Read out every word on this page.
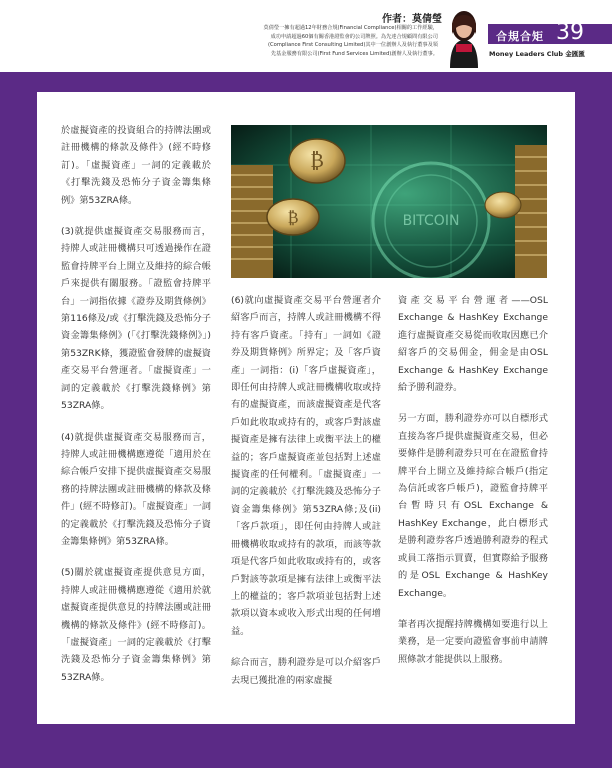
作者：莫倩瑩
莫倩瑩一擁有超過12年財務合規(Financial Compliance)相關的工作經驗，
成功申請超過60個有關香港證監會的公司牌照。為先達合規顧問有限公司
(Compliance First Consulting Limited)其中一位創辦人及執行董事及領
先基金服務有限公司(First Fund Services Limited)創辦人及執行董事。
合規合矩 39
Money Leaders Club 金匯匯

於虛擬資產的投資組合的持牌法團或註冊機構的條款及條件》(經不時修訂)。「虛擬資產」一詞的定義載於《打擊洗錢及恐怖分子資金籌集條例》第53ZRA條。

(3)就提供虛擬資產交易服務而言，持牌人或註冊機構只可透過操作在證監會持牌平台上開立及維持的綜合帳戶來提供有關服務。「證監會持牌平台」一詞指依據《證券及期貨條例》第116條及/或《打擊洗錢及恐怖分子資金籌集條例》(「《打擊洗錢條例》」)第53ZRK條，獲證監會發牌的虛擬資產交易平台營運者。「虛擬資產」一詞的定義載於《打擊洗錢條例》第53ZRA條。

(4)就提供虛擬資產交易服務而言，持牌人或註冊機構應遵從「適用於在綜合帳戶安排下提供虛擬資產交易服務的持牌法團或註冊機構的條款及條件」(經不時修訂)。「虛擬資產」一詞的定義載於《打擊洗錢及恐怖分子資金籌集條例》第53ZRA條。

(5)關於就虛擬資產提供意見方面，持牌人或註冊機構應遵從《適用於就虛擬資產提供意見的持牌法團或註冊機構的條款及條件》(經不時修訂)。「虛擬資產」一詞的定義載於《打擊洗錢及恐怖分子資金籌集條例》第53ZRA條。

BITCOIN
₿
₿

(6)就向虛擬資產交易平台營運者介紹客戶而言，持牌人或註冊機構不得持有客戶資產。「持有」一詞如《證券及期貨條例》所界定；及「客戶資產」一詞指：(i)「客戶虛擬資產」，即任何由持牌人或註冊機構收取或持有的虛擬資產，而該虛擬資產是代客戶如此收取或持有的，或客戶對該虛擬資產是擁有法律上或衡平法上的權益的；客戶虛擬資產並包括對上述虛擬資產的任何權利。「虛擬資產」一詞的定義載於《打擊洗錢及恐怖分子資金籌集條例》第53ZRA條;及(ii)「客戶款項」，即任何由持牌人或註冊機構收取或持有的款項，而該等款項是代客戶如此收取或持有的，或客戶對該等款項是擁有法律上或衡平法上的權益的；客戶款項並包括對上述款項以資本或收入形式出現的任何增益。

綜合而言，勝利證券是可以介紹客戶去現已獲批准的兩家虛擬

資產交易平台營運者——OSL Exchange & HashKey Exchange進行虛擬資產交易從而收取因應已介紹客戶的交易佣金，佣金是由OSL Exchange & HashKey Exchange給予勝利證券。

另一方面，勝利證券亦可以自標形式直接為客戶提供虛擬資產交易，但必要條件是勝利證券只可在在證監會持牌平台上開立及維持綜合帳戶(指定為信託或客戶帳戶)，證監會持牌平台暫時只有OSL Exchange & HashKey Exchange，此白標形式是勝利證券客戶透過勝利證券的程式或員工落指示買賣，但實際給予服務的是OSL Exchange & HashKey Exchange。

筆者再次提醒持牌機構如要進行以上業務，是一定要向證監會事前申請牌照條款才能提供以上服務。
